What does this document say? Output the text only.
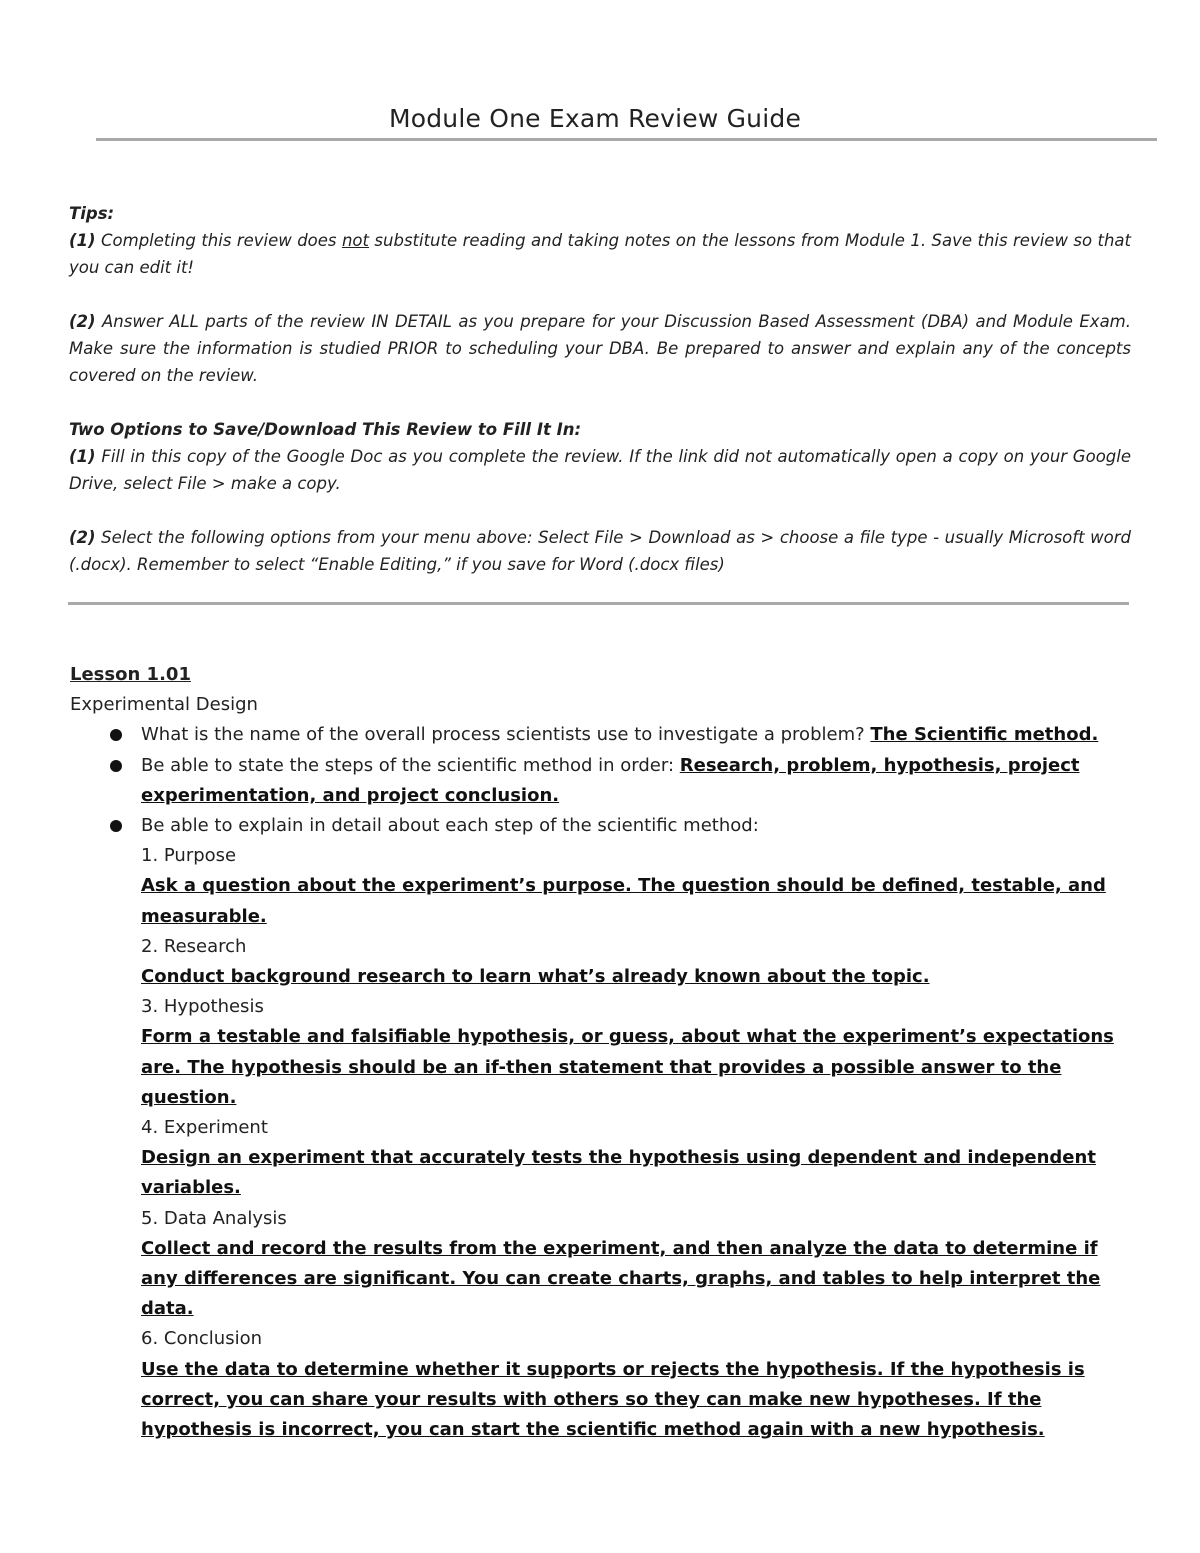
Module One Exam Review Guide

Tips:

(1) Completing this review does not substitute reading and taking notes on the lessons from Module 1. Save this review so that you can edit it!

(2) Answer ALL parts of the review IN DETAIL as you prepare for your Discussion Based Assessment (DBA) and Module Exam. Make sure the information is studied PRIOR to scheduling your DBA. Be prepared to answer and explain any of the concepts covered on the review.

Two Options to Save/Download This Review to Fill It In:

(1) Fill in this copy of the Google Doc as you complete the review. If the link did not automatically open a copy on your Google Drive, select File > make a copy.

(2) Select the following options from your menu above: Select File > Download as > choose a file type - usually Microsoft word (.docx). Remember to select “Enable Editing,” if you save for Word (.docx files)

Lesson 1.01
Experimental Design
What is the name of the overall process scientists use to investigate a problem? The Scientific method.
Be able to state the steps of the scientific method in order: Research, problem, hypothesis, project experimentation, and project conclusion.
Be able to explain in detail about each step of the scientific method:
1. Purpose
Ask a question about the experiment’s purpose. The question should be defined, testable, and measurable.
2. Research
Conduct background research to learn what’s already known about the topic.
3. Hypothesis
Form a testable and falsifiable hypothesis, or guess, about what the experiment’s expectations are. The hypothesis should be an if-then statement that provides a possible answer to the question.
4. Experiment
Design an experiment that accurately tests the hypothesis using dependent and independent variables.
5. Data Analysis
Collect and record the results from the experiment, and then analyze the data to determine if any differences are significant. You can create charts, graphs, and tables to help interpret the data.
6. Conclusion
Use the data to determine whether it supports or rejects the hypothesis. If the hypothesis is correct, you can share your results with others so they can make new hypotheses. If the hypothesis is incorrect, you can start the scientific method again with a new hypothesis.
